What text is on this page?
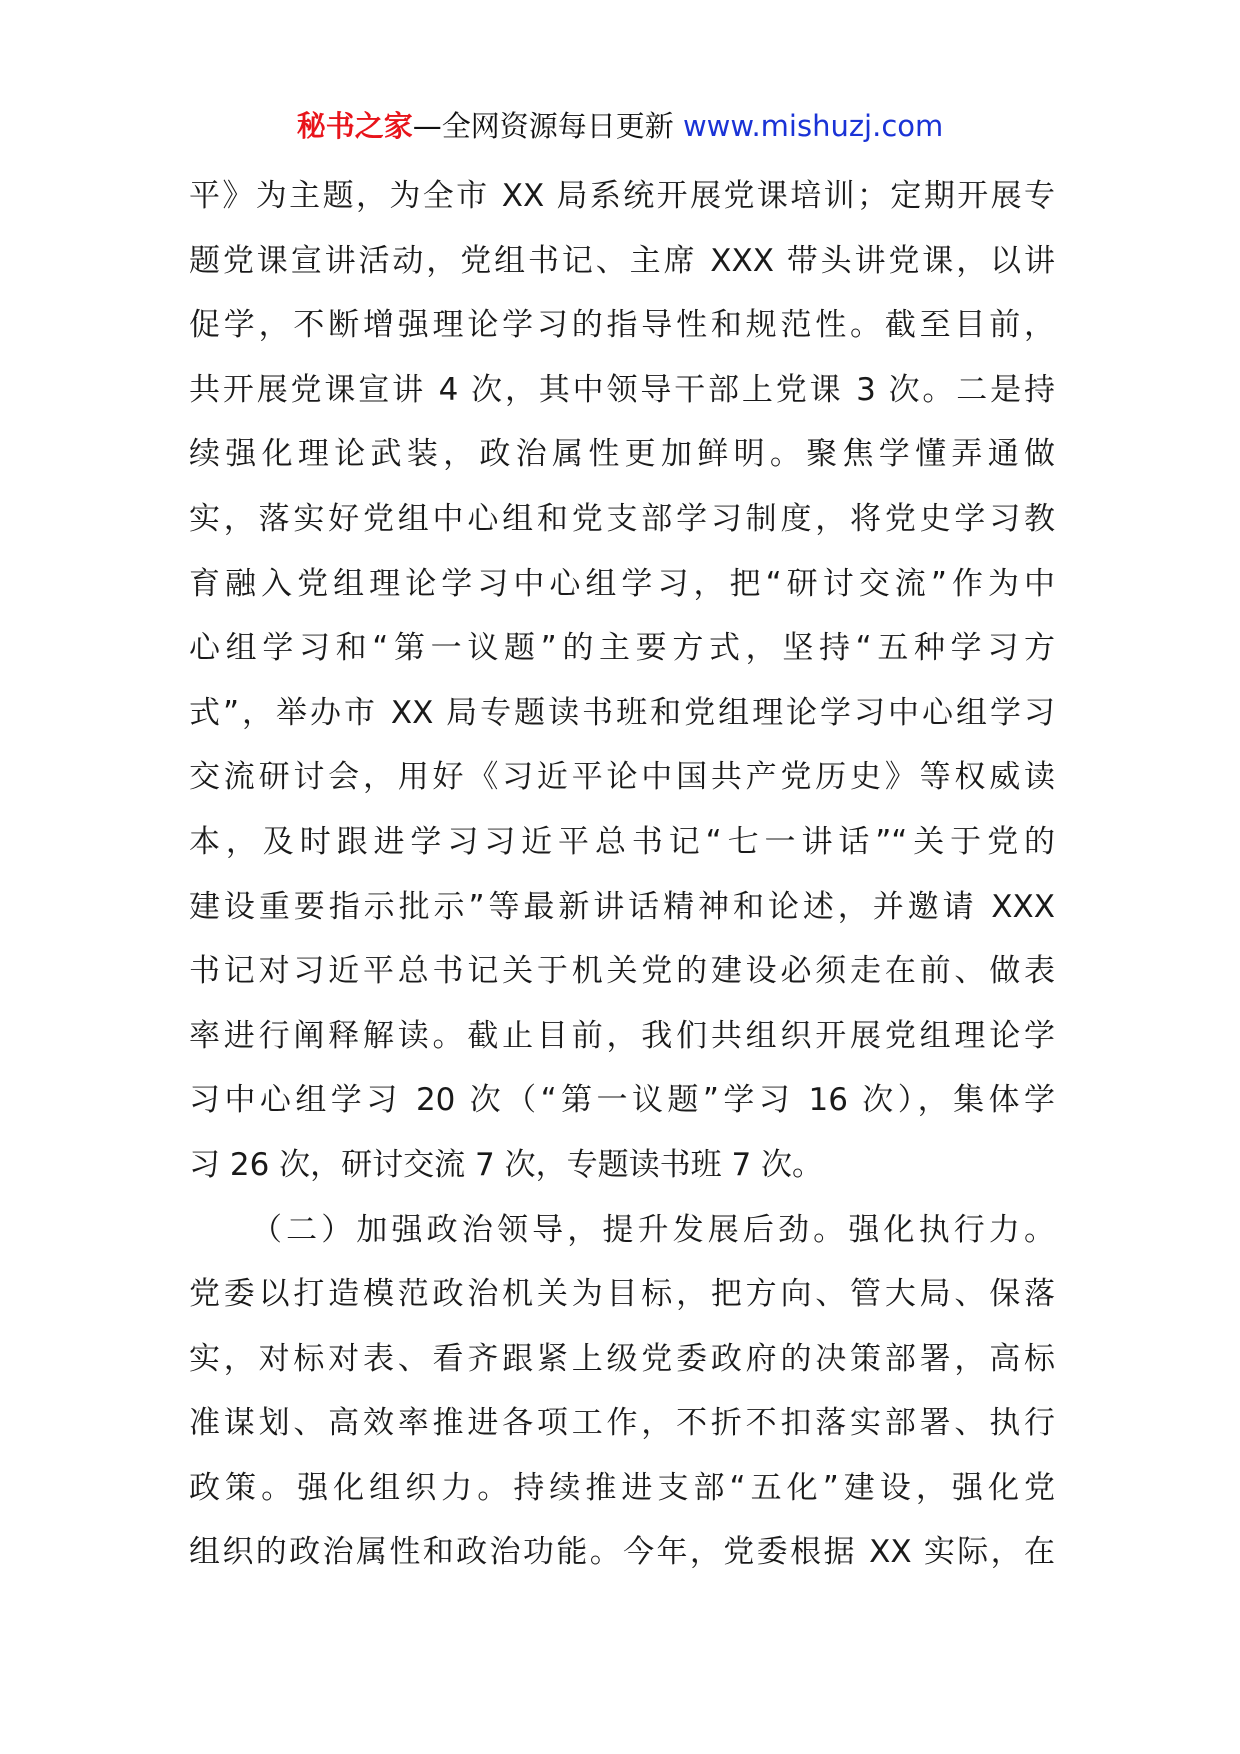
秘书之家—全网资源每日更新 www.mishuzj.com
平》为主题，为全市 XX 局系统开展党课培训；定期开展专
题党课宣讲活动，党组书记、主席 XXX 带头讲党课，以讲
促学，不断增强理论学习的指导性和规范性。截至目前，
共开展党课宣讲 4 次，其中领导干部上党课 3 次。二是持
续强化理论武装，政治属性更加鲜明。聚焦学懂弄通做
实，落实好党组中心组和党支部学习制度，将党史学习教
育融入党组理论学习中心组学习，把“研讨交流”作为中
心组学习和“第一议题”的主要方式，坚持“五种学习方
式”，举办市 XX 局专题读书班和党组理论学习中心组学习
交流研讨会，用好《习近平论中国共产党历史》等权威读
本，及时跟进学习习近平总书记“七一讲话”“关于党的
建设重要指示批示”等最新讲话精神和论述，并邀请 XXX
书记对习近平总书记关于机关党的建设必须走在前、做表
率进行阐释解读。截止目前，我们共组织开展党组理论学
习中心组学习 20 次（“第一议题”学习 16 次），集体学
习 26 次，研讨交流 7 次，专题读书班 7 次。
（二）加强政治领导，提升发展后劲。强化执行力。
党委以打造模范政治机关为目标，把方向、管大局、保落
实，对标对表、看齐跟紧上级党委政府的决策部署，高标
准谋划、高效率推进各项工作，不折不扣落实部署、执行
政策。强化组织力。持续推进支部“五化”建设，强化党
组织的政治属性和政治功能。今年，党委根据 XX 实际，在
